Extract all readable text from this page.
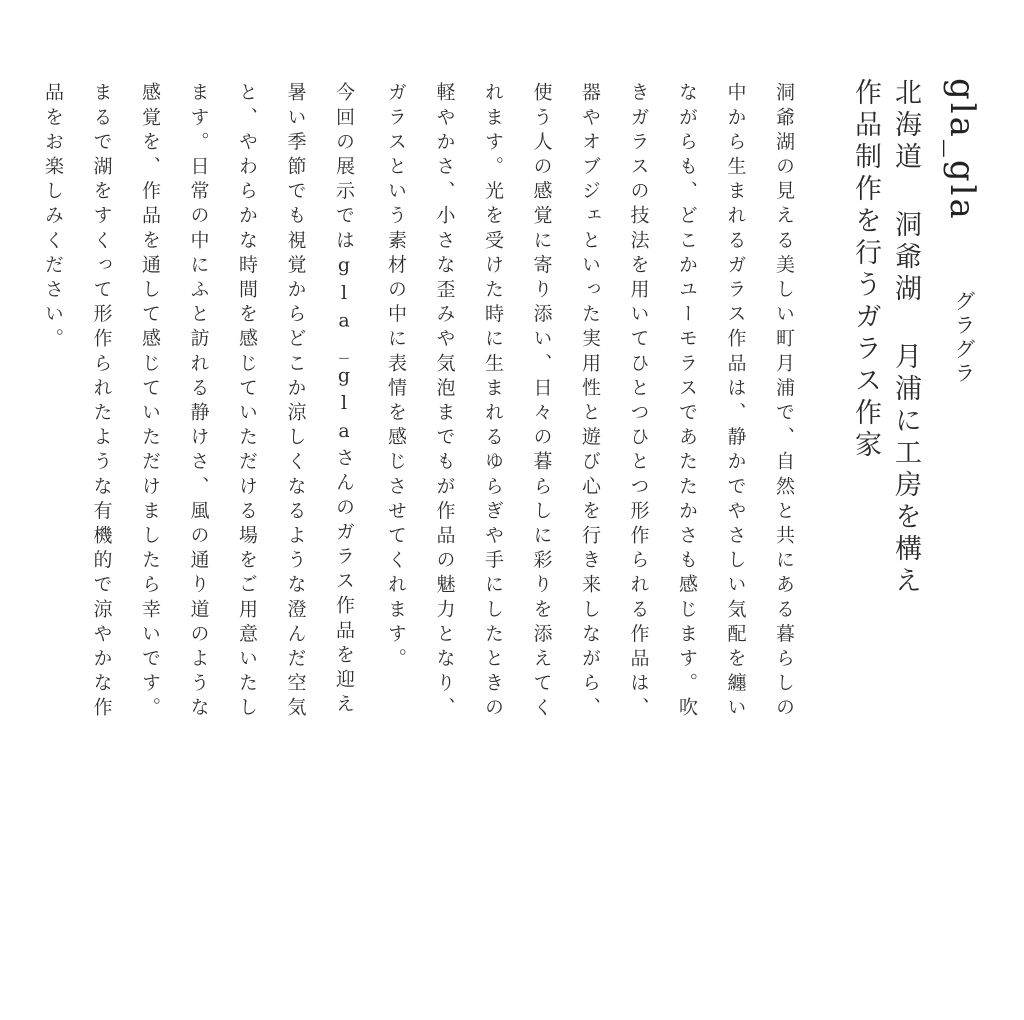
gla_gla
グラグラ
北海道 洞爺湖 月浦に工房を構え
作品制作を行うガラス作家
洞爺湖の見える美しい町月浦で、自然と共にある暮らしの
中から生まれるガラス作品は、静かでやさしい気配を纏い
ながらも、どこかユーモラスであたたかさも感じます。吹
きガラスの技法を用いてひとつひとつ形作られる作品は、
器やオブジェといった実用性と遊び心を行き来しながら、
使う人の感覚に寄り添い、日々の暮らしに彩りを添えてく
れます。光を受けた時に生まれるゆらぎや手にしたときの
軽やかさ、小さな歪みや気泡までもが作品の魅力となり、
ガラスという素材の中に表情を感じさせてくれます。
今回の展示ではgla_glaさんのガラス作品を迎え
暑い季節でも視覚からどこか涼しくなるような澄んだ空気
と、やわらかな時間を感じていただける場をご用意いたし
ます。日常の中にふと訪れる静けさ、風の通り道のような
感覚を、作品を通して感じていただけましたら幸いです。
まるで湖をすくって形作られたような有機的で涼やかな作
品をお楽しみください。
